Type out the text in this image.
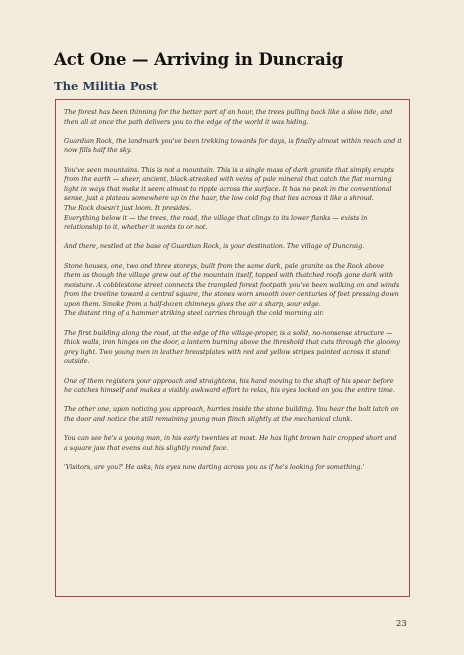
Act One — Arriving in Duncraig
The Militia Post

The forest has been thinning for the better part of an hour, the trees pulling back like a slow tide, and then all at once the path delivers you to the edge of the world it was hiding.

Guardian Rock, the landmark you've been trekking towards for days, is finally almost within reach and it now fills half the sky.

You've seen mountains. This is not a mountain. This is a single mass of dark granite that simply erupts from the earth — sheer, ancient, black-streaked with veins of pale mineral that catch the flat morning light in ways that make it seem almost to ripple across the surface. It has no peak in the conventional sense, just a plateau somewhere up in the haar, the low cold fog that lies across it like a shroud.

The Rock doesn't just loom. It presides.

Everything below it — the trees, the road, the village that clings to its lower flanks — exists in relationship to it, whether it wants to or not.

And there, nestled at the base of Guardian Rock, is your destination. The village of Duncraig.

Stone houses, one, two and three storeys, built from the same dark, pale granite as the Rock above them as though the village grew out of the mountain itself, topped with thatched roofs gone dark with moisture. A cobblestone street connects the trampled forest footpath you've been walking on and winds from the treeline toward a central square, the stones worn smooth over centuries of feet pressing down upon them. Smoke from a half-dozen chimneys gives the air a sharp, sour edge.

The distant ring of a hammer striking steel carries through the cold morning air.

The first building along the road, at the edge of the village-proper, is a solid, no-nonsense structure — thick walls, iron hinges on the door, a lantern burning above the threshold that cuts through the gloomy grey light. Two young men in leather breastplates with red and yellow stripes painted across it stand outside.

One of them registers your approach and straightens, his hand moving to the shaft of his spear before he catches himself and makes a visibly awkward effort to relax, his eyes locked on you the entire time.

The other one, upon noticing you approach, hurries inside the stone building. You hear the bolt latch on the door and notice the still remaining young man flinch slightly at the mechanical clunk.

You can see he's a young man, in his early twenties at most. He has light brown hair cropped short and a square jaw that evens out his slightly round face.

'Visitors, are you?' He asks, his eyes now darting across you as if he's looking for something.'

23
